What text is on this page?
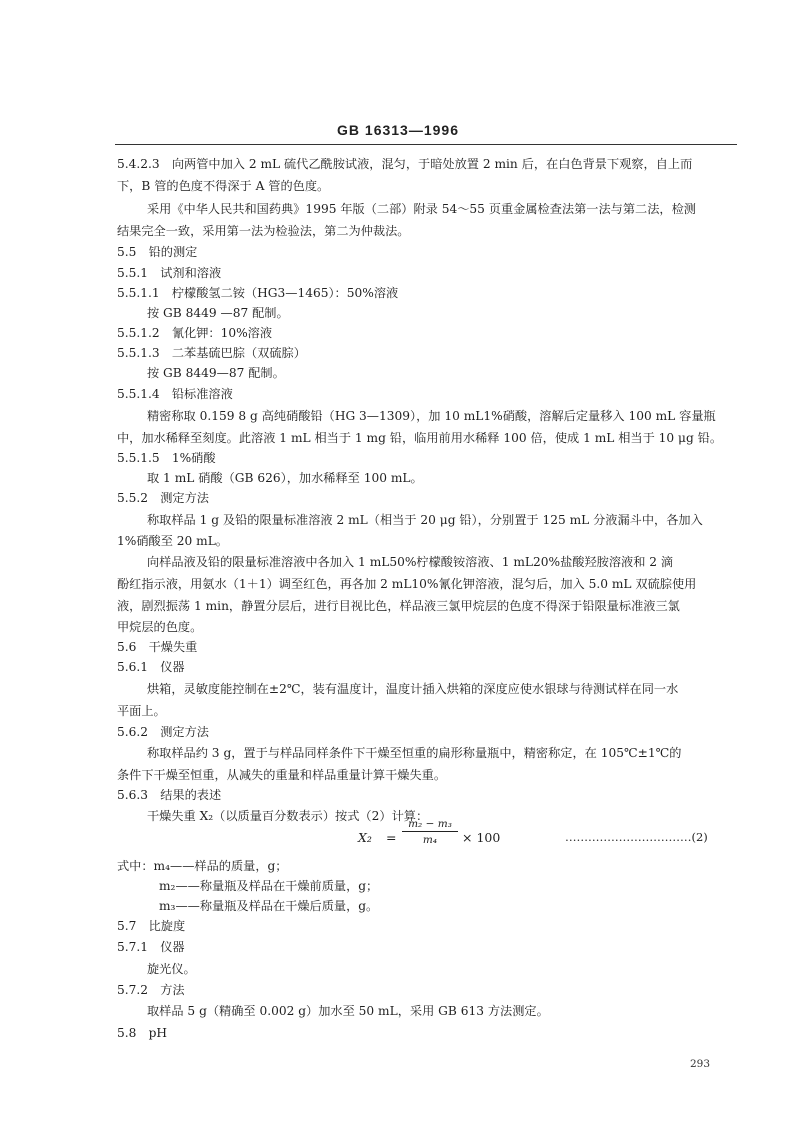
GB 16313—1996
5.4.2.3　向两管中加入 2 mL 硫代乙酰胺试液，混匀，于暗处放置 2 min 后，在白色背景下观察，自上而
下，B 管的色度不得深于 A 管的色度。
采用《中华人民共和国药典》1995 年版（二部）附录 54～55 页重金属检查法第一法与第二法，检测
结果完全一致，采用第一法为检验法，第二为仲裁法。
5.5　铅的测定
5.5.1　试剂和溶液
5.5.1.1　柠檬酸氢二铵（HG3—1465）：50%溶液
按 GB 8449 —87 配制。
5.5.1.2　氰化钾：10%溶液
5.5.1.3　二苯基硫巴腙（双硫腙）
按 GB 8449—87 配制。
5.5.1.4　铅标准溶液
精密称取 0.159 8 g 高纯硝酸铅（HG 3—1309），加 10 mL1%硝酸，溶解后定量移入 100 mL 容量瓶
中，加水稀释至刻度。此溶液 1 mL 相当于 1 mg 铅，临用前用水稀释 100 倍，使成 1 mL 相当于 10 μg 铅。
5.5.1.5　1%硝酸
取 1 mL 硝酸（GB 626），加水稀释至 100 mL。
5.5.2　测定方法
称取样品 1 g 及铅的限量标准溶液 2 mL（相当于 20 μg 铅），分别置于 125 mL 分液漏斗中，各加入
1%硝酸至 20 mL。
向样品液及铅的限量标准溶液中各加入 1 mL50%柠檬酸铵溶液、1 mL20%盐酸羟胺溶液和 2 滴
酚红指示液，用氨水（1＋1）调至红色，再各加 2 mL10%氰化钾溶液，混匀后，加入 5.0 mL 双硫腙使用
液，剧烈振荡 1 min，静置分层后，进行目视比色，样品液三氯甲烷层的色度不得深于铅限量标准液三氯
甲烷层的色度。
5.6　干燥失重
5.6.1　仪器
烘箱，灵敏度能控制在±2℃，装有温度计，温度计插入烘箱的深度应使水银球与待测试样在同一水
平面上。
5.6.2　测定方法
称取样品约 3 g，置于与样品同样条件下干燥至恒重的扁形称量瓶中，精密称定，在 105℃±1℃的
条件下干燥至恒重，从减失的重量和样品重量计算干燥失重。
5.6.3　结果的表述
干燥失重 X₂（以质量百分数表示）按式（2）计算：
X₂ =
m₂ − m₃
m₄	× 100	……………………………(2)
式中：m₄——样品的质量，g；
m₂——称量瓶及样品在干燥前质量，g；
m₃——称量瓶及样品在干燥后质量，g。
5.7　比旋度
5.7.1　仪器
旋光仪。
5.7.2　方法
取样品 5 g（精确至 0.002 g）加水至 50 mL，采用 GB 613 方法测定。
5.8　pH
293
